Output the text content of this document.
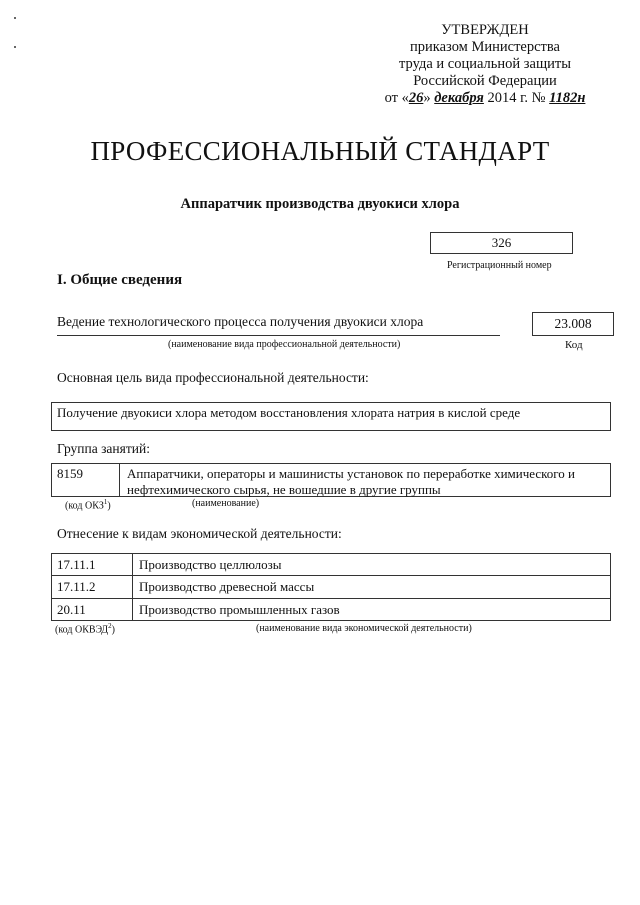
УТВЕРЖДЕН
приказом Министерства
труда и социальной защиты
Российской Федерации
от «26» декабря 2014 г. № 1182н
ПРОФЕССИОНАЛЬНЫЙ СТАНДАРТ
Аппаратчик производства двуокиси хлора
326
Регистрационный номер
I. Общие сведения
Ведение технологического процесса получения двуокиси хлора
(наименование вида профессиональной деятельности)
23.008
Код
Основная цель вида профессиональной деятельности:
Получение двуокиси хлора методом восстановления хлората натрия в кислой среде
Группа занятий:
8159	Аппаратчики, операторы и машинисты установок по переработке химического и
нефтехимического сырья, не вошедшие в другие группы
(код ОКЗ$^1$)	(наименование)
Отнесение к видам экономической деятельности:
17.11.1	Производство целлюлозы
17.11.2	Производство древесной массы
20.11	Производство промышленных газов
(код ОКВЭД$^2$)	(наименование вида экономической деятельности)
